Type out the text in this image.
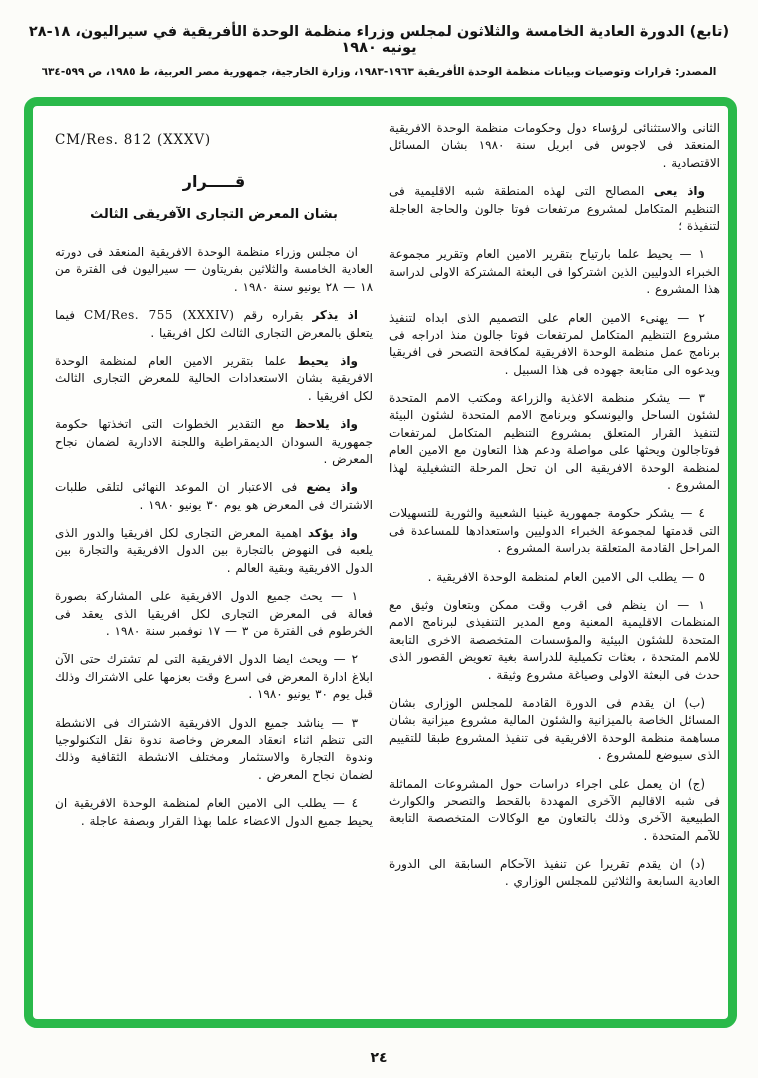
(تابع) الدورة العادية الخامسة والثلاثون لمجلس وزراء منظمة الوحدة الأفريقية في سيراليون، ١٨-٢٨ يونيه ١٩٨٠
المصدر: قرارات وتوصيات وبيانات منظمة الوحدة الأفريقية ١٩٦٣-١٩٨٣، وزارة الخارجية، جمهورية مصر العربية، ط ١٩٨٥، ص ٥٩٩-٦٣٤

الثانى والاستثنائى لرؤساء دول وحكومات منظمة الوحدة الافريقية المنعقد فى لاجوس فى ابريل سنة ١٩٨٠ بشان المسائل الاقتصادية .

واذ يعى المصالح التى لهذه المنطقة شبه الاقليمية فى التنظيم المتكامل لمشروع مرتفعات فوتا جالون والحاجة العاجلة لتنفيذة ؛

١ — يحيط علما بارتياح بتقرير الامين العام وتقرير مجموعة الخبراء الدوليين الذين اشتركوا فى البعثة المشتركة الاولى لدراسة هذا المشروع .

٢ — يهنىء الامين العام على التصميم الذى ابداه لتنفيذ مشروع التنظيم المتكامل لمرتفعات فوتا جالون منذ ادراجه فى برنامج عمل منظمة الوحدة الافريقية لمكافحة التصحر فى افريقيا ويدعوه الى متابعة جهوده فى هذا السبيل .

٣ — يشكر منظمة الاغذية والزراعة ومكتب الامم المتحدة لشئون الساحل واليونسكو وبرنامج الامم المتحدة لشئون البيئة لتنفيذ القرار المتعلق بمشروع التنظيم المتكامل لمرتفعات فوتاجالون ويحثها على مواصلة ودعم هذا التعاون مع الامين العام لمنظمة الوحدة الافريقية الى ان تحل المرحلة التشغيلية لهذا المشروع .

٤ — يشكر حكومة جمهورية غينيا الشعبية والثورية للتسهيلات التى قدمتها لمجموعة الخبراء الدوليين واستعدادها للمساعدة فى المراحل القادمة المتعلقة بدراسة المشروع .

٥ — يطلب الى الامين العام لمنظمة الوحدة الافريقية .

١ — ان ينظم فى اقرب وقت ممكن وبتعاون وثيق مع المنظمات الاقليمية المعنية ومع المدير التنفيذى لبرنامج الامم المتحدة للشئون البيئية والمؤسسات المتخصصة الاخرى التابعة للامم المتحدة ، بعثات تكميلية للدراسة بغية تعويض القصور الذى حدث فى البعثة الاولى وصياغة مشروع وثيقة .

(ب) ان يقدم فى الدورة القادمة للمجلس الوزارى بشان المسائل الخاصة بالميزانية والشئون المالية مشروع ميزانية بشان مساهمة منظمة الوحدة الافريقية فى تنفيذ المشروع طبقا للتقييم الذى سيوضع للمشروع .

(ج) ان يعمل على اجراء دراسات حول المشروعات المماثلة فى شبه الاقاليم الآخرى المهددة بالقحط والتصحر والكوارث الطبيعية الآخرى وذلك بالتعاون مع الوكالات المتخصصة التابعة للآمم المتحدة .

(د) ان يقدم تقريرا عن تنفيذ الآحكام السابقة الى الدورة العادية السابعة والثلاثين للمجلس الوزاري .

CM/Res. 812 (XXXV)
قـــــرار
بشان المعرض التجارى الآفريقى الثالث

ان مجلس وزراء منظمة الوحدة الافريقية المنعقد فى دورته العادية الخامسة والثلاثين بفريتاون — سيراليون فى الفترة من ١٨ — ٢٨ يونيو سنة ١٩٨٠ .

اذ يذكر بقراره رقم CM/Res. 755 (XXXIV) فيما يتعلق بالمعرض التجارى الثالث لكل افريقيا .

واذ يحيط علما بتقرير الامين العام لمنظمة الوحدة الافريقية بشان الاستعدادات الحالية للمعرض التجارى الثالث لكل افريقيا .

واذ يلاحظ مع التقدير الخطوات التى اتخذتها حكومة جمهورية السودان الديمقراطية واللجنة الادارية لضمان نجاح المعرض .

واذ يضع فى الاعتبار ان الموعد النهائى لتلقى طلبات الاشتراك فى المعرض هو يوم ٣٠ يونيو ١٩٨٠ .

واذ يؤكد اهمية المعرض التجارى لكل افريقيا والدور الذى يلعبه فى النهوض بالتجارة بين الدول الافريقية والتجارة بين الدول الافريقية وبقية العالم .

١ — يحث جميع الدول الافريقية على المشاركة بصورة فعالة فى المعرض التجارى لكل افريقيا الذى يعقد فى الخرطوم فى الفترة من ٣ — ١٧ نوفمبر سنة ١٩٨٠ .

٢ — ويحث ايضا الدول الافريقية التى لم تشترك حتى الآن ابلاغ ادارة المعرض فى اسرع وقت بعزمها على الاشتراك وذلك قبل يوم ٣٠ يونيو ١٩٨٠ .

٣ — يناشد جميع الدول الافريقية الاشتراك فى الانشطة التى تنظم اثناء انعقاد المعرض وخاصة ندوة نقل التكنولوجيا وندوة التجارة والاستثمار ومختلف الانشطة الثقافية وذلك لضمان نجاح المعرض .

٤ — يطلب الى الامين العام لمنظمة الوحدة الافريقية ان يحيط جميع الدول الاعضاء علما بهذا القرار وبصفة عاجلة .

٢٤
